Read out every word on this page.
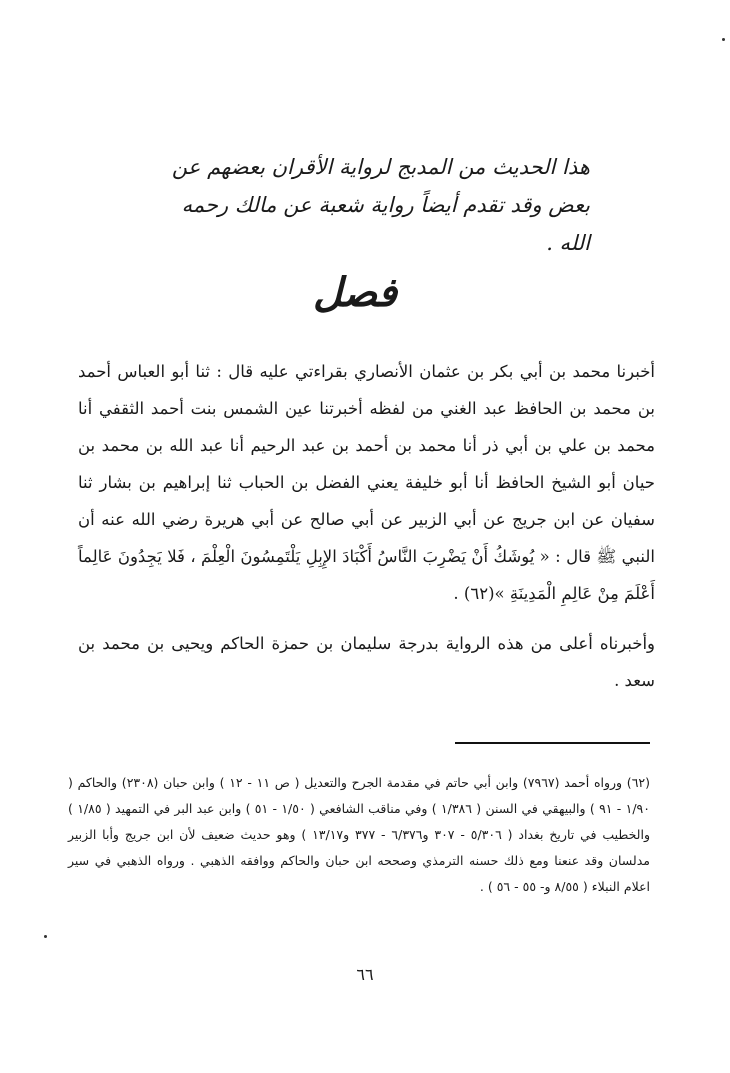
هذا الحديث من المدبج لرواية الأقران بعضهم عن بعض وقد تقدم أيضاً رواية شعبة عن مالك رحمه الله .
فصل

أخبرنا محمد بن أبي بكر بن عثمان الأنصاري بقراءتي عليه قال : ثنا أبو العباس أحمد بن محمد بن الحافظ عبد الغني من لفظه أخبرتنا عين الشمس بنت أحمد الثقفي أنا محمد بن علي بن أبي ذر أنا محمد بن أحمد بن عبد الرحيم أنا عبد الله بن محمد بن حيان أبو الشيخ الحافظ أنا أبو خليفة يعني الفضل بن الحباب ثنا إبراهيم بن بشار ثنا سفيان عن ابن جريج عن أبي الزبير عن أبي صالح عن أبي هريرة رضي الله عنه أن النبي ﷺ قال : « يُوشَكُ أَنْ يَضْرِبَ النَّاسُ أَكْبَادَ الإِبِلِ يَلْتَمِسُونَ الْعِلْمَ ، فَلا يَجِدُونَ عَالِماً أَعْلَمَ مِنْ عَالِمِ الْمَدِينَةِ »(٦٢) .

وأخبرناه أعلى من هذه الرواية بدرجة سليمان بن حمزة الحاكم ويحيى بن محمد بن سعد .

(٦٢) ورواه أحمد (٧٩٦٧) وابن أبي حاتم في مقدمة الجرح والتعديل ( ص ١١ - ١٢ ) وابن حبان (٢٣٠٨) والحاكم ( ١/٩٠ - ٩١ ) والبيهقي في السنن ( ١/٣٨٦ ) وفي مناقب الشافعي ( ١/٥٠ - ٥١ ) وابن عبد البر في التمهيد ( ١/٨٥ ) والخطيب في تاريخ بغداد ( ٥/٣٠٦ - ٣٠٧ و٦/٣٧٦ - ٣٧٧ و١٣/١٧ ) وهو حديث ضعيف لأن ابن جريج وأبا الزبير مدلسان وقد عنعنا ومع ذلك حسنه الترمذي وصححه ابن حبان والحاكم ووافقه الذهبي . ورواه الذهبي في سير اعلام النبلاء ( ٨/٥٥ و- ٥٥ - ٥٦ ) .

٦٦
